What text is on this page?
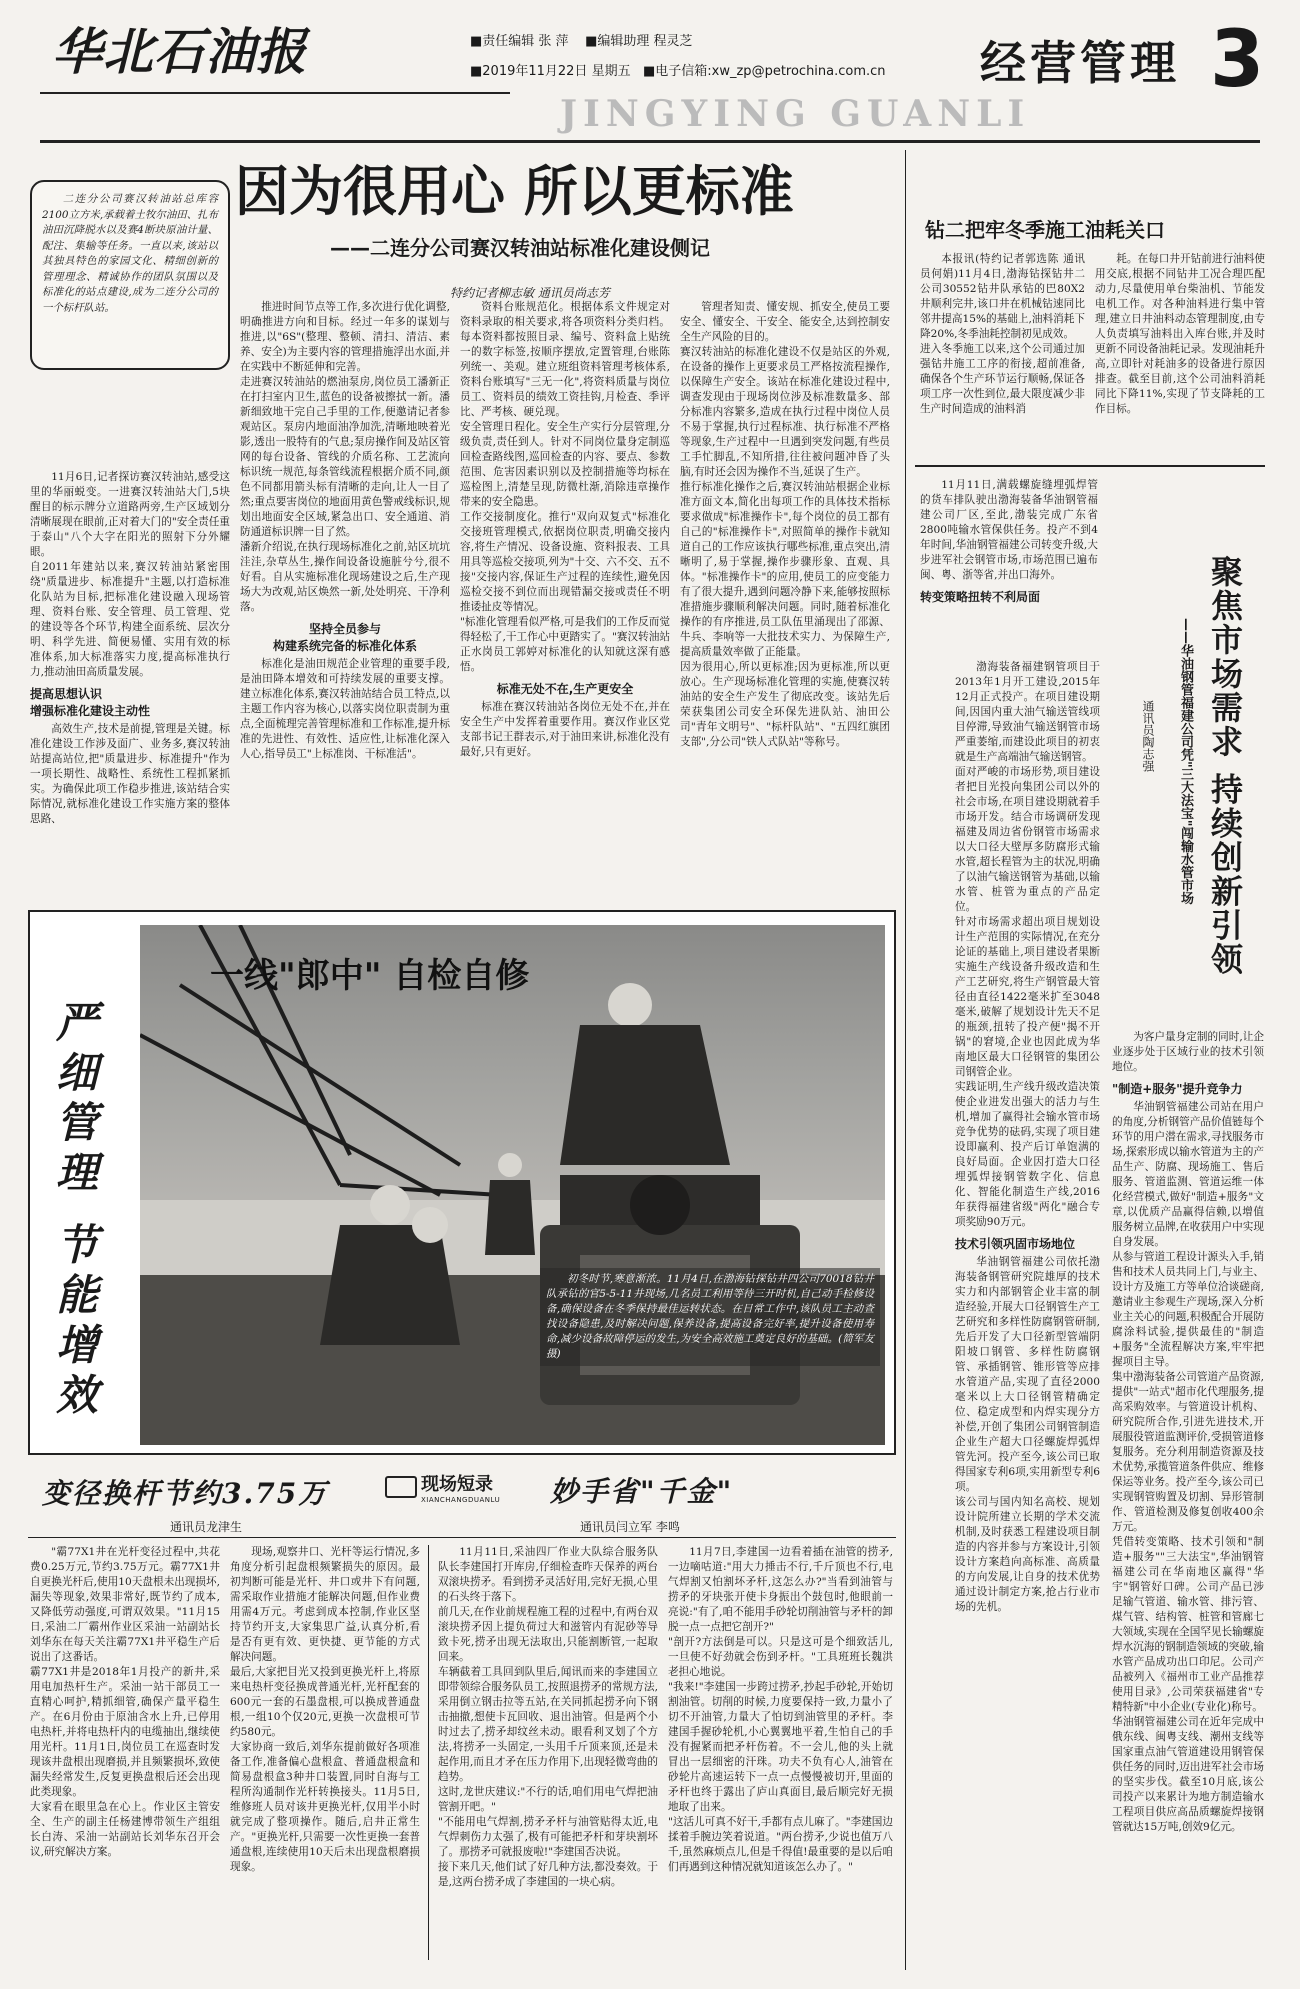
华北石油报	■责任编辑 张 萍 ■编辑助理 程灵芝
■2019年11月22日 星期五 ■电子信箱:xw_zp@petrochina.com.cn 经营管理 3
JINGYING GUANLI
因为很用心 所以更标准
——二连分公司赛汉转油站标准化建设侧记
特约记者柳志敏 通讯员尚志芳

二连分公司赛汉转油站总库容2100立方米,承载着土牧尔油田、扎布油田沉降脱水以及赛4断块原油计量、配注、集输等任务。一直以来,该站以其独具特色的家园文化、精细创新的管理理念、精诚协作的团队氛围以及标准化的站点建设,成为二连分公司的一个标杆队站。

11月6日,记者探访赛汉转油站,感受这里的华丽蜕变。一进赛汉转油站大门,5块醒目的标示牌分立道路两旁,生产区域划分清晰展现在眼前,正对着大门的"安全责任重于泰山"八个大字在阳光的照射下分外耀眼。
自2011年建站以来,赛汉转油站紧密围绕"质量进步、标准提升"主题,以打造标准化队站为目标,把标准化建设融入现场管理、资料台账、安全管理、员工管理、党的建设等各个环节,构建全面系统、层次分明、科学先进、简便易懂、实用有效的标准体系,加大标准落实力度,提高标准执行力,推动油田高质量发展。

提高思想认识
增强标准化建设主动性

高效生产,技术是前提,管理是关键。标准化建设工作涉及面广、业务多,赛汉转油站提高站位,把"质量进步、标准提升"作为一项长期性、战略性、系统性工程抓紧抓实。为确保此项工作稳步推进,该站结合实际情况,就标准化建设工作实施方案的整体思路、

推进时间节点等工作,多次进行优化调整,明确推进方向和目标。经过一年多的谋划与推进,以"6S"(整理、整顿、清扫、清洁、素养、安全)为主要内容的管理措施浮出水面,并在实践中不断延伸和完善。
走进赛汉转油站的燃油泵房,岗位员工潘新正在打扫室内卫生,蓝色的设备被擦拭一新。潘新细致地干完自己手里的工作,便邀请记者参观站区。泵房内地面油净加洗,清晰地映着光影,透出一股特有的气息;泵房操作间及站区管网的每台设备、管线的介质名称、工艺流向标识统一规范,每条管线流程根据介质不同,颜色不同都用箭头标有清晰的走向,让人一目了然;重点要害岗位的地面用黄色警戒线标识,规划出地面安全区域,紧急出口、安全通道、消防通道标识牌一目了然。
潘新介绍说,在执行现场标准化之前,站区坑坑洼洼,杂草丛生,操作间设备设施脏兮兮,很不好看。自从实施标准化现场建设之后,生产现场大为改观,站区焕然一新,处处明亮、干净利落。

坚持全员参与
构建系统完备的标准化体系

标准化是油田规范企业管理的重要手段,是油田降本增效和可持续发展的重要支撑。建立标准化体系,赛汉转油站结合员工特点,以主题工作内容为核心,以落实岗位职责制为重点,全面梳理完善管理标准和工作标准,提升标准的先进性、有效性、适应性,让标准化深入人心,指导员工"上标准岗、干标准活"。

资料台账规范化。根据体系文件规定对资料录取的相关要求,将各项资料分类归档。每本资料都按照目录、编号、资料盒上贴统一的数字标签,按顺序摆放,定置管理,台账陈列统一、美观。建立班组资料管理考核体系,资料台账填写"三无一化",将资料质量与岗位员工、资料员的绩效工资挂钩,月检查、季评比、严考核、硬兑现。
安全管理日程化。安全生产实行分层管理,分级负责,责任到人。针对不同岗位量身定制巡回检查路线图,巡回检查的内容、要点、参数范围、危害因素识别以及控制措施等均标在巡检图上,清楚呈现,防微杜渐,消除违章操作带来的安全隐患。
工作交接制度化。推行"双向双复式"标准化交接班管理模式,依据岗位职责,明确交接内容,将生产情况、设备设施、资料报表、工具用具等巡检交接项,列为"十交、六不交、五不接"交接内容,保证生产过程的连续性,避免因巡检交接不到位而出现错漏交接或责任不明推诿扯皮等情况。
"标准化管理看似严格,可是我们的工作反而觉得轻松了,干工作心中更踏实了。"赛汉转油站正水岗员工郭婷对标准化的认知就这深有感悟。

标准无处不在,生产更安全

标准在赛汉转油站各岗位无处不在,并在安全生产中发挥着重要作用。赛汉作业区党支部书记王群表示,对于油田来讲,标准化没有最好,只有更好。

管理者知责、懂安规、抓安全,使员工要安全、懂安全、干安全、能安全,达到控制安全生产风险的目的。
赛汉转油站的标准化建设不仅是站区的外观,在设备的操作上更要求员工严格按流程操作,以保障生产安全。该站在标准化建设过程中,调查发现由于现场岗位涉及标准数量多、部分标准内容繁多,造成在执行过程中岗位人员不易于掌握,执行过程标准、执行标准不严格等现象,生产过程中一旦遇到突发问题,有些员工手忙脚乱,不知所措,往往被问题冲昏了头脑,有时还会因为操作不当,延误了生产。
推行标准化操作之后,赛汉转油站根据企业标准方面文本,简化出每项工作的具体技术指标要求做成"标准操作卡",每个岗位的员工都有自己的"标准操作卡",对照简单的操作卡就知道自己的工作应该执行哪些标准,重点突出,清晰明了,易于掌握,操作步骤形象、直观、具体。"标准操作卡"的应用,使员工的应变能力有了很大提升,遇到问题冷静下来,能够按照标准措施步骤顺利解决问题。同时,随着标准化操作的有序推进,员工队伍里涌现出了邵源、牛兵、李响等一大批技术实力、为保障生产,提高质量效率做了正能量。
因为很用心,所以更标准;因为更标准,所以更放心。生产现场标准化管理的实施,使赛汉转油站的安全生产发生了彻底改变。该站先后荣获集团公司安全环保先进队站、油田公司"青年文明号"、"标杆队站"、"五四红旗团支部",分公司"铁人式队站"等称号。

钻二把牢冬季施工油耗关口

本报讯(特约记者郭选陈 通讯员何娟)11月4日,渤海钻探钻井二公司30552钻井队承钻的巴80X2井顺利完井,该口井在机械钻速同比邻井提高15%的基础上,油料消耗下降20%,冬季油耗控制初见成效。
进入冬季施工以来,这个公司通过加强钻井施工工序的衔接,超前准备,确保各个生产环节运行顺畅,保证各项工序一次性到位,最大限度减少非生产时间造成的油料消

耗。在每口井开钻前进行油料使用交底,根据不同钻井工况合理匹配动力,尽量使用单台柴油机、节能发电机工作。对各种油料进行集中管理,建立日井油料动态管理制度,由专人负责填写油料出入库台账,并及时更新不同设备油耗记录。发现油耗升高,立即针对耗油多的设备进行原因排查。截至目前,这个公司油料消耗同比下降11%,实现了节支降耗的工作目标。

11月11日,满载螺旋缝埋弧焊管的货车排队驶出渤海装备华油钢管福建公司厂区,至此,渤装完成广东省2800吨输水管保供任务。投产不到4年时间,华油钢管福建公司转变升级,大步进军社会钢管市场,市场范围已遍布闽、粤、浙等省,并出口海外。

转变策略扭转不利局面	聚焦市场需求 持续创新引领
——华油钢管福建公司凭"三大法宝"闯输水管市场
通讯员陶志强

渤海装备福建钢管项目于2013年1月开工建设,2015年12月正式投产。在项目建设期间,因国内重大油气输送管线项目停滞,导致油气输送钢管市场严重萎缩,而建设此项目的初衷就是生产高端油气输送钢管。
面对严峻的市场形势,项目建设者把目光投向集团公司以外的社会市场,在项目建设期就着手市场开发。结合市场调研发现福建及周边省份钢管市场需求以大口径大壁厚多防腐形式输水管,超长程管为主的状况,明确了以油气输送钢管为基础,以输水管、桩管为重点的产品定位。
针对市场需求超出项目规划设计生产范围的实际情况,在充分论证的基础上,项目建设者果断实施生产线设备升级改造和生产工艺研究,将生产钢管最大管径由直径1422毫米扩至3048毫米,破解了规划设计先天不足的瓶颈,扭转了投产便"揭不开锅"的窘境,企业也因此成为华南地区最大口径钢管的集团公司钢管企业。
实践证明,生产线升级改造决策使企业进发出强大的活力与生机,增加了赢得社会输水管市场竞争优势的砝码,实现了项目建设即赢利、投产后订单饱满的良好局面。企业因打造大口径埋弧焊接钢管数字化、信息化、智能化制造生产线,2016年获得福建省级"两化"融合专项奖励90万元。

技术引领巩固市场地位

华油钢管福建公司依托渤海装备钢管研究院雄厚的技术实力和内部钢管企业丰富的制造经验,开展大口径钢管生产工艺研究和多样性防腐钢管研制,先后开发了大口径新型管端阴阳坡口钢管、多样性防腐钢管、承插钢管、锥形管等应排水管道产品,实现了直径2000毫米以上大口径钢管精确定位、稳定成型和内焊实现分方补偿,开创了集团公司钢管制造企业生产超大口径螺旋焊弧焊管先河。投产至今,该公司已取得国家专利6项,实用新型专利6项。
该公司与国内知名高校、规划设计院所建立长期的学术交流机制,及时获悉工程建设项目制造的内容并参与方案设计,引领设计方案趋向高标准、高质量的方向发展,让自身的技术优势通过设计制定方案,抢占行业市场的先机。

为客户量身定制的同时,让企业逐步处于区域行业的技术引领地位。

"制造+服务"提升竞争力

华油钢管福建公司站在用户的角度,分析钢管产品价值链每个环节的用户潜在需求,寻找服务市场,探索形成以输水管道为主的产品生产、防腐、现场施工、售后服务、管道监测、管道运维一体化经营模式,做好"制造+服务"文章,以优质产品赢得信赖,以增值服务树立品牌,在收获用户中实现自身发展。
从参与管道工程设计源头入手,销售和技术人员共同上门,与业主、设计方及施工方等单位洽谈磋商,邀请业主参观生产现场,深入分析业主关心的问题,积极配合开展防腐涂料试验,提供最佳的"制造+服务"全流程解决方案,牢牢把握项目主导。
集中渤海装备公司管道产品资源,提供"一站式"超市化代理服务,提高采购效率。与管道设计机构、研究院所合作,引进先进技术,开展服役管道监测评价,受损管道修复服务。充分利用制造资源及技术优势,承揽管道条件供应、维修保运等业务。投产至今,该公司已实现钢管购置及切割、异形管制作、管道检测及修复创收400余万元。
凭借转变策略、技术引领和"制造+服务""三大法宝",华油钢管福建公司在华南地区赢得"华宇"钢管好口碑。公司产品已涉足输气管道、输水管、排污管、煤气管、结构管、桩管和管廊七大领域,实现在全国罕见长输螺旋焊水沉海的钢制造领域的突破,输水管产品成功出口印尼。公司产品被列入《福州市工业产品推荐使用目录》,公司荣获福建省"专精特新"中小企业(专业化)称号。
华油钢管福建公司在近年完成中俄东线、闽粤支线、潮州支线等国家重点油气管道建设用钢管保供任务的同时,迈出进军社会市场的坚实步伐。截至10月底,该公司投产以来累计为地方制造输水工程项目供应高品质螺旋焊接钢管就达15万吨,创效9亿元。

严细管理 节能增效
一线"郎中" 自检自修

初冬时节,寒意渐浓。11月4日,在渤海钻探钻井四公司70018钻井队承钻的官5-5-11井现场,几名员工利用等待三开时机,自己动手检修设备,确保设备在冬季保持最佳运转状态。在日常工作中,该队员工主动查找设备隐患,及时解决问题,保养设备,提高设备完好率,提升设备使用寿命,减少设备故障停运的发生,为安全高效施工奠定良好的基础。(简军友 摄)

变径换杆节约3.75万
通讯员龙津生
现场短录
XIANCHANGDUANLU 妙手省"千金"
通讯员闫立军 李鸣

"霸77X1井在光杆变径过程中,共花费0.25万元,节约3.75万元。霸77X1井自更换光杆后,使用10天盘根未出现损坏,漏失等现象,效果非常好,既节约了成本,又降低劳动强度,可谓双效果。"11月15日,采油二厂霸州作业区采油一站副站长刘华东在每天关注霸77X1井平稳生产后说出了这番话。
霸77X1井是2018年1月投产的新井,采用电加热杆生产。采油一站干部员工一直精心呵护,精抓细管,确保产量平稳生产。在6月份由于原油含水上升,已停用电热杆,并将电热杆内的电缆抽出,继续使用光杆。11月1日,岗位员工在巡查时发现该井盘根出现磨损,并且频繁损坏,致使漏失经常发生,反复更换盘根后还会出现此类现象。
大家看在眼里急在心上。作业区主管安全、生产的副主任杨建博带领生产组组长白涛、采油一站副站长刘华东召开会议,研究解决方案。

现场,观察井口、光杆等运行情况,多角度分析引起盘根频繁损失的原因。最初判断可能是光杆、井口或井下有问题,需采取作业措施才能解决问题,但作业费用需4万元。考虑到成本控制,作业区坚持节约开支,大家集思广益,认真分析,看是否有更有效、更快捷、更节能的方式解决问题。
最后,大家把目光又投到更换光杆上,将原来电热杆变径换成普通光杆,光杆配套的600元一套的石墨盘根,可以换成普通盘根,一组10个仅20元,更换一次盘根可节约580元。
大家协商一致后,刘华东提前做好各项准备工作,准备偏心盘根盒、普通盘根盒和简易盘根盒3种井口装置,同时自海与工程所沟通制作光杆转换接头。11月5日,维修班人员对该井更换光杆,仅用半小时就完成了整项操作。随后,启井正常生产。"更换光杆,只需要一次性更换一套普通盘根,连续使用10天后未出现盘根磨损现象。

11月11日,采油四厂作业大队综合服务队队长李建国打开库房,仔细检查昨天保养的两台双滚块捞矛。看到捞矛灵活好用,完好无损,心里的石头终于落下。
前几天,在作业前规程施工程的过程中,有两台双滚块捞矛因上提负荷过大和滋管内有泥砂等导致卡死,捞矛出现无法取出,只能割断管,一起取回来。
车辆截着工具回到队里后,闻讯而来的李建国立即带领综合服务队员工,按照退捞矛的常规方法,采用倒立钢击拉等五站,在关同抓起捞矛向下钢击抽撤,想使卡瓦回收、退出油管。但是两个小时过去了,捞矛却纹丝未动。眼看利叉划了个方法,将捞矛一头固定,一头用千斤顶来顶,还是未起作用,而且才矛在压力作用下,出现轻微弯曲的趋势。
这时,龙世庆建议:"不行的话,咱们用电气焊把油管割开吧。"
"不能用电气焊割,捞矛矛杆与油管贴得太近,电气焊刺伤力太强了,极有可能把矛杆和芽块割坏了。那捞矛可就报废啦!"李建国否决说。
接下来几天,他们试了好几种方法,都没奏效。于是,这两台捞矛成了李建国的一块心病。

11月7日,李建国一边看着插在油管的捞矛,一边嘀咕道:"用大力捶击不行,千斤顶也不行,电气焊割又怕割坏矛杆,这怎么办?"当看到油管与捞矛的牙块张开使卡身振出个鼓包时,他眼前一亮说:"有了,咱不能用手砂轮切削油管与矛杆的卸脱一点一点把它剖开?"
"剖开?方法倒是可以。只是这可是个细致活儿,一旦使不好劲就会伤到矛杆。"工具班班长魏洪老担心地说。
"我来!"李建国一步跨过捞矛,抄起手砂轮,开始切割油管。切削的时候,力度要保持一致,力量小了切不开油管,力量大了怕切到油管里的矛杆。李建国手握砂轮机,小心翼翼地平着,生怕自己的手没有握紧而把矛杆伤着。不一会儿,他的头上就冒出一层细密的汗珠。功夫不负有心人,油管在砂轮片高速运转下一点一点慢慢被切开,里面的矛杆也终于露出了庐山真面目,最后顺完好无损地取了出来。
"这活儿可真不好干,手都有点儿麻了。"李建国边揉着手腕边笑着说道。"两台捞矛,少说也值万八千,虽然麻烦点儿,但是千得值!最重要的是以后咱们再遇到这种情况就知道该怎么办了。"
